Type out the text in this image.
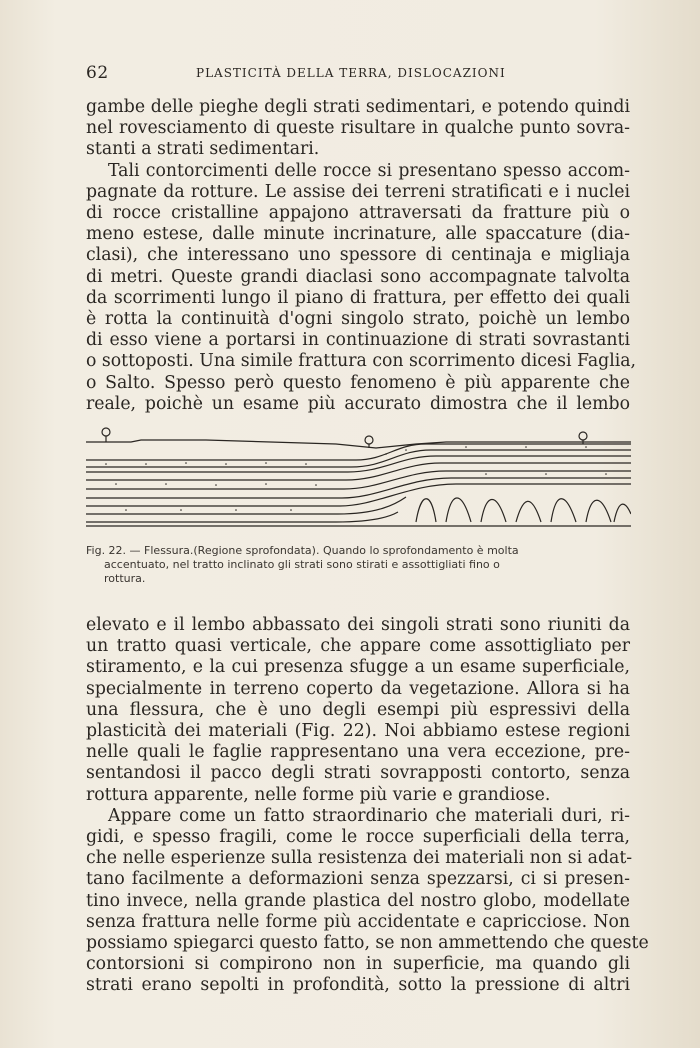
62	PLASTICITÀ DELLA TERRA, DISLOCAZIONI
gambe delle pieghe degli strati sedimentari, e potendo quindi
nel rovesciamento di queste risultare in qualche punto sovra-
stanti a strati sedimentari.
Tali contorcimenti delle rocce si presentano spesso accom-
pagnate da rotture. Le assise dei terreni stratificati e i nuclei
di rocce cristalline appajono attraversati da fratture più o
meno estese, dalle minute incrinature, alle spaccature (dia-
clasi), che interessano uno spessore di centinaja e migliaja
di metri. Queste grandi diaclasi sono accompagnate talvolta
da scorrimenti lungo il piano di frattura, per effetto dei quali
è rotta la continuità d'ogni singolo strato, poichè un lembo
di esso viene a portarsi in continuazione di strati sovrastanti
o sottoposti. Una simile frattura con scorrimento dicesi Faglia,
o Salto. Spesso però questo fenomeno è più apparente che
reale, poichè un esame più accurato dimostra che il lembo
Fig. 22. — Flessura.(Regione sprofondata). Quando lo sprofondamento è molta
accentuato, nel tratto inclinato gli strati sono stirati e assottigliati fino o
rottura.
elevato e il lembo abbassato dei singoli strati sono riuniti da
un tratto quasi verticale, che appare come assottigliato per
stiramento, e la cui presenza sfugge a un esame superficiale,
specialmente in terreno coperto da vegetazione. Allora si ha
una flessura, che è uno degli esempi più espressivi della
plasticità dei materiali (Fig. 22). Noi abbiamo estese regioni
nelle quali le faglie rappresentano una vera eccezione, pre-
sentandosi il pacco degli strati sovrapposti contorto, senza
rottura apparente, nelle forme più varie e grandiose.
Appare come un fatto straordinario che materiali duri, ri-
gidi, e spesso fragili, come le rocce superficiali della terra,
che nelle esperienze sulla resistenza dei materiali non si adat-
tano facilmente a deformazioni senza spezzarsi, ci si presen-
tino invece, nella grande plastica del nostro globo, modellate
senza frattura nelle forme più accidentate e capricciose. Non
possiamo spiegarci questo fatto, se non ammettendo che queste
contorsioni si compirono non in superficie, ma quando gli
strati erano sepolti in profondità, sotto la pressione di altri
